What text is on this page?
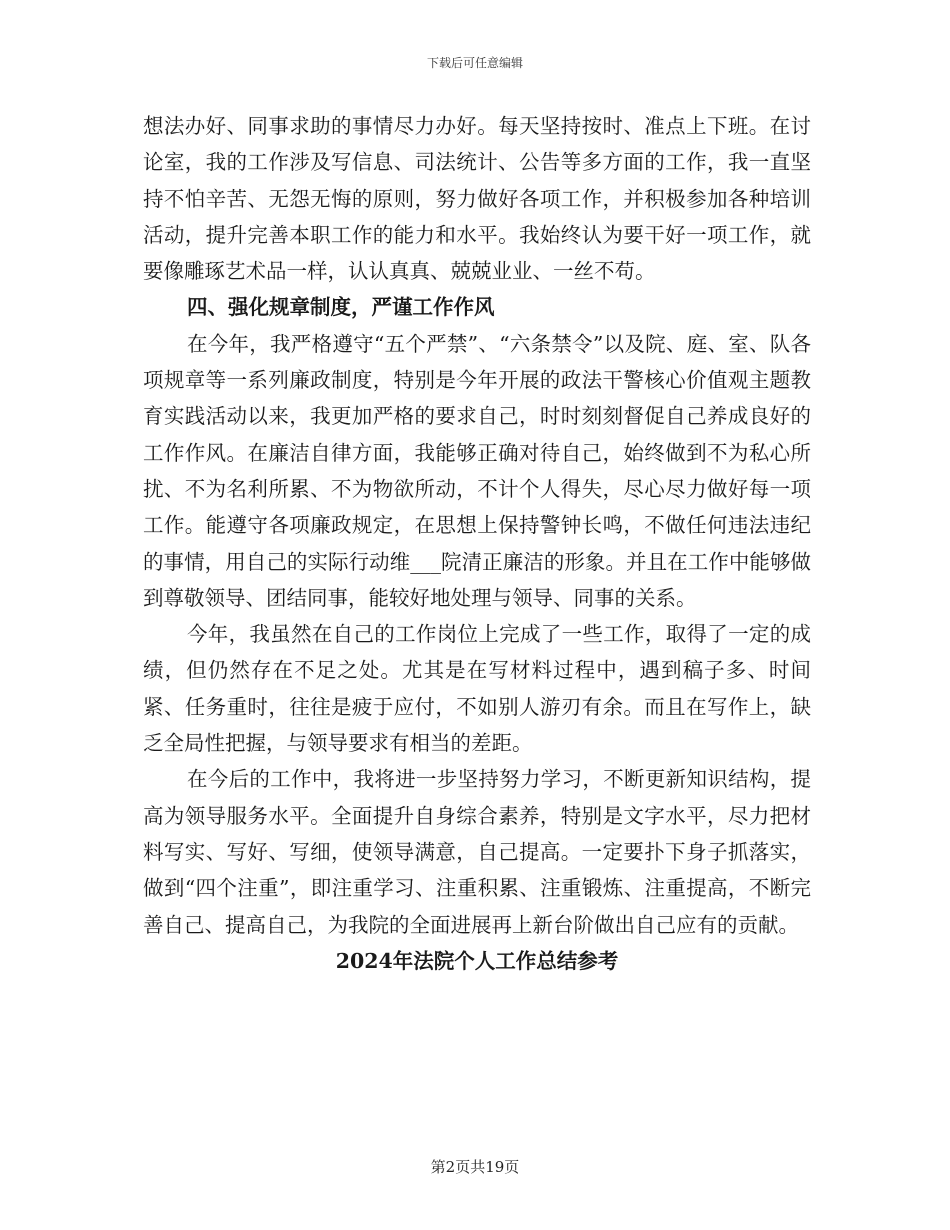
下载后可任意编辑

想法办好、同事求助的事情尽力办好。每天坚持按时、准点上下班。在讨论室，我的工作涉及写信息、司法统计、公告等多方面的工作，我一直坚持不怕辛苦、无怨无悔的原则，努力做好各项工作，并积极参加各种培训活动，提升完善本职工作的能力和水平。我始终认为要干好一项工作，就要像雕琢艺术品一样，认认真真、兢兢业业、一丝不苟。

四、强化规章制度，严谨工作作风

在今年，我严格遵守“五个严禁”、“六条禁令”以及院、庭、室、队各项规章等一系列廉政制度，特别是今年开展的政法干警核心价值观主题教育实践活动以来，我更加严格的要求自己，时时刻刻督促自己养成良好的工作作风。在廉洁自律方面，我能够正确对待自己，始终做到不为私心所扰、不为名利所累、不为物欲所动，不计个人得失，尽心尽力做好每一项工作。能遵守各项廉政规定，在思想上保持警钟长鸣，不做任何违法违纪的事情，用自己的实际行动维___院清正廉洁的形象。并且在工作中能够做到尊敬领导、团结同事，能较好地处理与领导、同事的关系。

今年，我虽然在自己的工作岗位上完成了一些工作，取得了一定的成绩，但仍然存在不足之处。尤其是在写材料过程中，遇到稿子多、时间紧、任务重时，往往是疲于应付，不如别人游刃有余。而且在写作上，缺乏全局性把握，与领导要求有相当的差距。

在今后的工作中，我将进一步坚持努力学习，不断更新知识结构，提高为领导服务水平。全面提升自身综合素养，特别是文字水平，尽力把材料写实、写好、写细，使领导满意，自己提高。一定要扑下身子抓落实，做到“四个注重”，即注重学习、注重积累、注重锻炼、注重提高，不断完善自己、提高自己，为我院的全面进展再上新台阶做出自己应有的贡献。

2024年法院个人工作总结参考

第2页共19页
